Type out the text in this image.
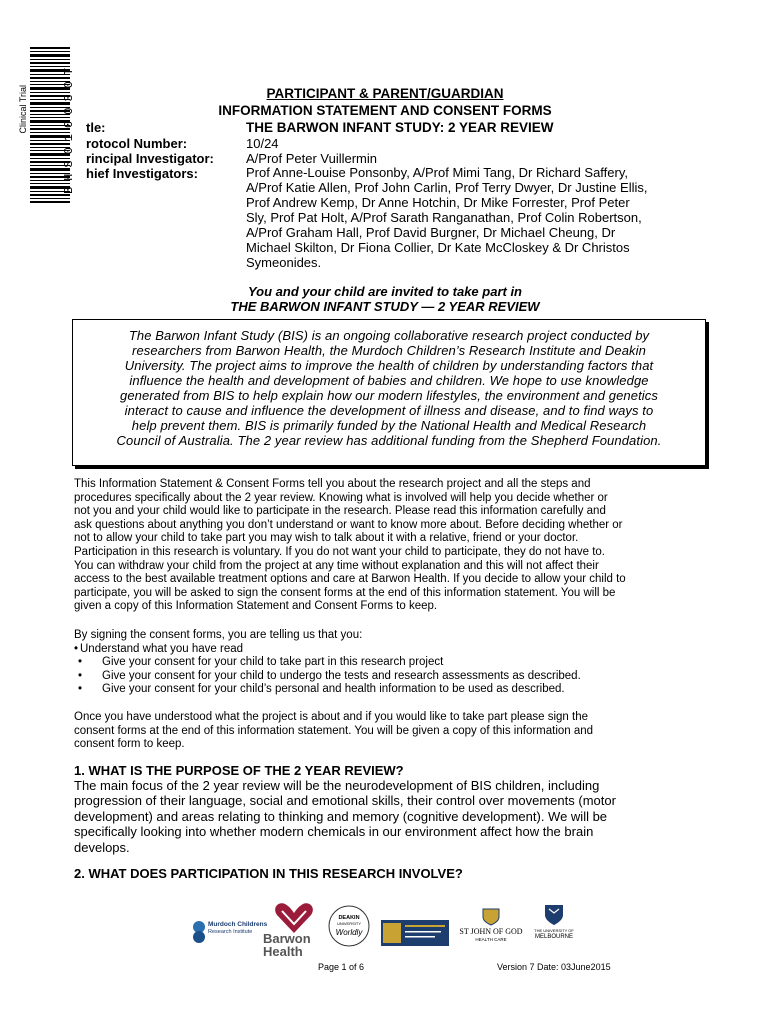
BHS010030T
Clinical Trial	PARTICIPANT & PARENT/GUARDIAN
INFORMATION STATEMENT AND CONSENT FORMS
tle:	THE BARWON INFANT STUDY: 2 YEAR REVIEW
rotocol Number:	10/24
rincipal Investigator: A/Prof Peter Vuillermin
hief Investigators:	Prof Anne-Louise Ponsonby, A/Prof Mimi Tang, Dr Richard Saffery,
A/Prof Katie Allen, Prof John Carlin, Prof Terry Dwyer, Dr Justine Ellis,
Prof Andrew Kemp, Dr Anne Hotchin, Dr Mike Forrester, Prof Peter
Sly, Prof Pat Holt, A/Prof Sarath Ranganathan, Prof Colin Robertson,
A/Prof Graham Hall, Prof David Burgner, Dr Michael Cheung, Dr
Michael Skilton, Dr Fiona Collier, Dr Kate McCloskey & Dr Christos
Symeonides.
You and your child are invited to take part in
THE BARWON INFANT STUDY — 2 YEAR REVIEW

The Barwon Infant Study (BIS) is an ongoing collaborative research project conducted by
researchers from Barwon Health, the Murdoch Children’s Research Institute and Deakin
University. The project aims to improve the health of children by understanding factors that
influence the health and development of babies and children. We hope to use knowledge
generated from BIS to help explain how our modern lifestyles, the environment and genetics
interact to cause and influence the development of illness and disease, and to find ways to
help prevent them. BIS is primarily funded by the National Health and Medical Research
Council of Australia. The 2 year review has additional funding from the Shepherd Foundation.

This Information Statement & Consent Forms tell you about the research project and all the steps and
procedures specifically about the 2 year review. Knowing what is involved will help you decide whether or
not you and your child would like to participate in the research. Please read this information carefully and
ask questions about anything you don’t understand or want to know more about. Before deciding whether or
not to allow your child to take part you may wish to talk about it with a relative, friend or your doctor.
Participation in this research is voluntary. If you do not want your child to participate, they do not have to.
You can withdraw your child from the project at any time without explanation and this will not affect their
access to the best available treatment options and care at Barwon Health. If you decide to allow your child to
participate, you will be asked to sign the consent forms at the end of this information statement. You will be
given a copy of this Information Statement and Consent Forms to keep.
By signing the consent forms, you are telling us that you:
• Understand what you have read
• Give your consent for your child to take part in this research project
• Give your consent for your child to undergo the tests and research assessments as described.
• Give your consent for your child’s personal and health information to be used as described.
Once you have understood what the project is about and if you would like to take part please sign the
consent forms at the end of this information statement. You will be given a copy of this information and
consent form to keep.
1. WHAT IS THE PURPOSE OF THE 2 YEAR REVIEW?
The main focus of the 2 year review will be the neurodevelopment of BIS children, including
progression of their language, social and emotional skills, their control over movements (motor
development) and areas relating to thinking and memory (cognitive development). We will be
specifically looking into whether modern chemicals in our environment affect how the brain
develops.
2. WHAT DOES PARTICIPATION IN THIS RESEARCH INVOLVE?
Murdoch Childrens
Research Institute Barwon
Health
DEAKIN
UNIVERSITY
Worldly	ST JOHN OF GOD
HEALTH CARE
THE UNIVERSITY OF
MELBOURNE
Page 1 of 6	Version 7 Date: 03June2015
